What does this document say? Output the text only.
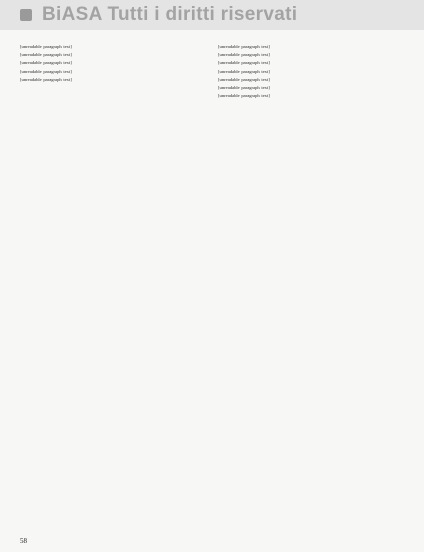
BiASA Tutti i diritti riservati

[unreadable paragraph text]

[unreadable paragraph text]

[unreadable paragraph text]

[unreadable paragraph text]

[unreadable paragraph text]

[unreadable paragraph text]

[unreadable paragraph text]

[unreadable paragraph text]

[unreadable paragraph text]

[unreadable paragraph text]

[unreadable paragraph text]

[unreadable paragraph text]

58
